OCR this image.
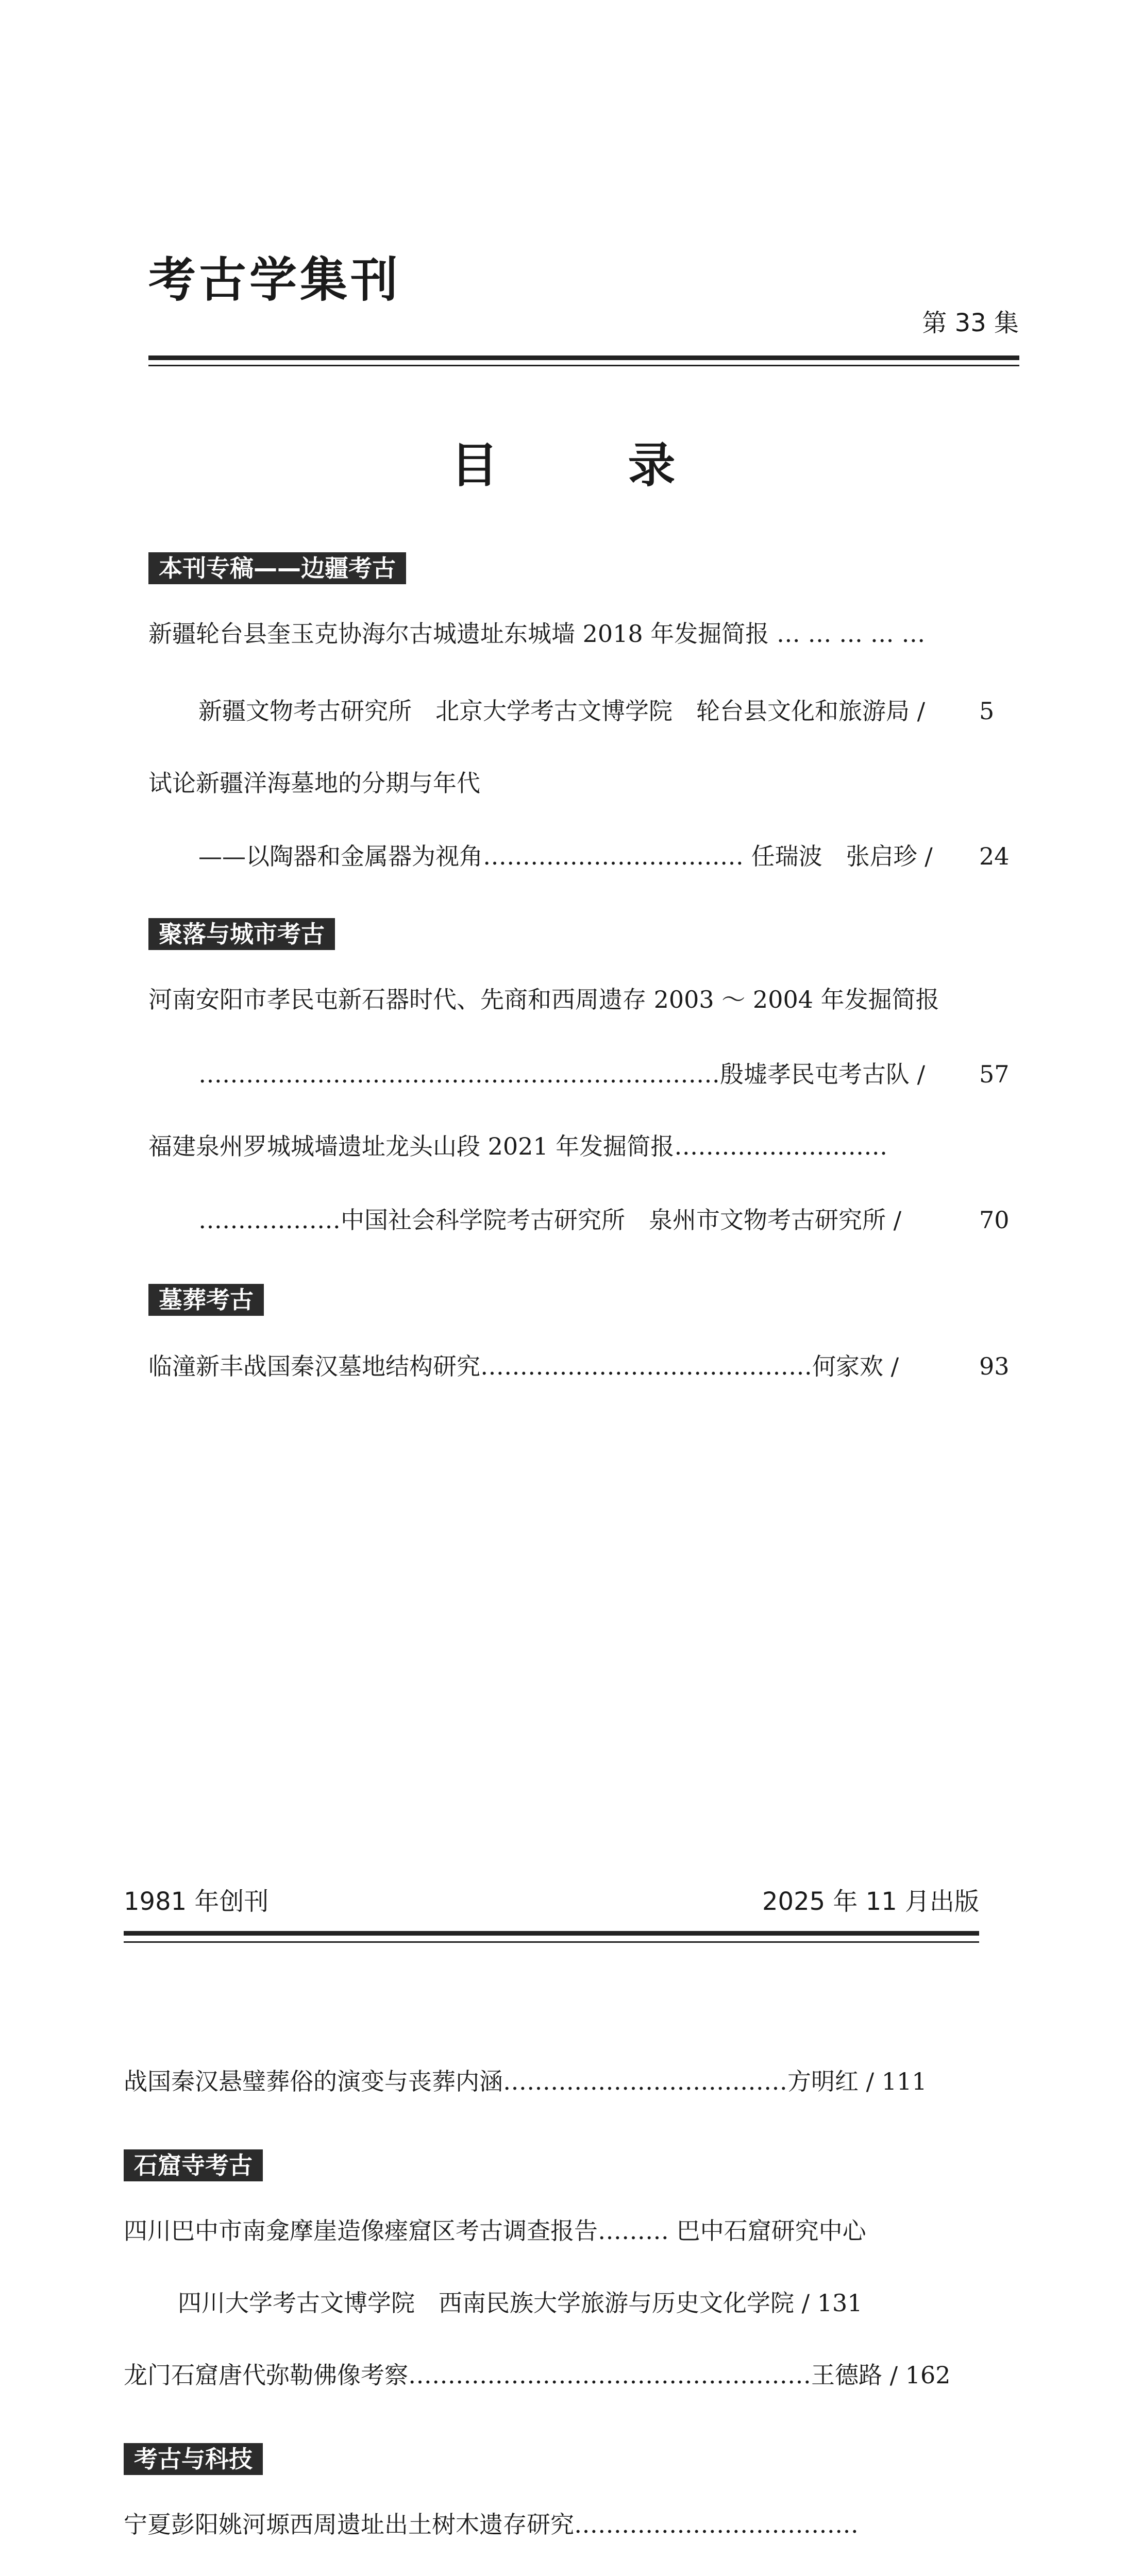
考古学集刊
第 33 集
目　录
本刊专稿——边疆考古
新疆轮台县奎玉克协海尔古城遗址东城墙 2018 年发掘简报 … … … … …
新疆文物考古研究所　北京大学考古文博学院　轮台县文化和旅游局 / 5
试论新疆洋海墓地的分期与年代
——以陶器和金属器为视角…………………………… 任瑞波　张启珍 / 24
聚落与城市考古
河南安阳市孝民屯新石器时代、先商和西周遗存 2003 ～ 2004 年发掘简报
…………………………………………………………殷墟孝民屯考古队 / 57
福建泉州罗城城墙遗址龙头山段 2021 年发掘简报………………………
………………中国社会科学院考古研究所　泉州市文物考古研究所 /	70
墓葬考古
临潼新丰战国秦汉墓地结构研究……………………………………何家欢 /	93
1981 年创刊	2025 年 11 月出版
战国秦汉悬璧葬俗的演变与丧葬内涵………………………………方明红 / 111
石窟寺考古
四川巴中市南龛摩崖造像瘗窟区考古调查报告……… 巴中石窟研究中心
四川大学考古文博学院　西南民族大学旅游与历史文化学院 / 131
龙门石窟唐代弥勒佛像考察……………………………………………王德路 / 162
考古与科技
宁夏彭阳姚河塬西周遗址出土树木遗存研究………………………………
